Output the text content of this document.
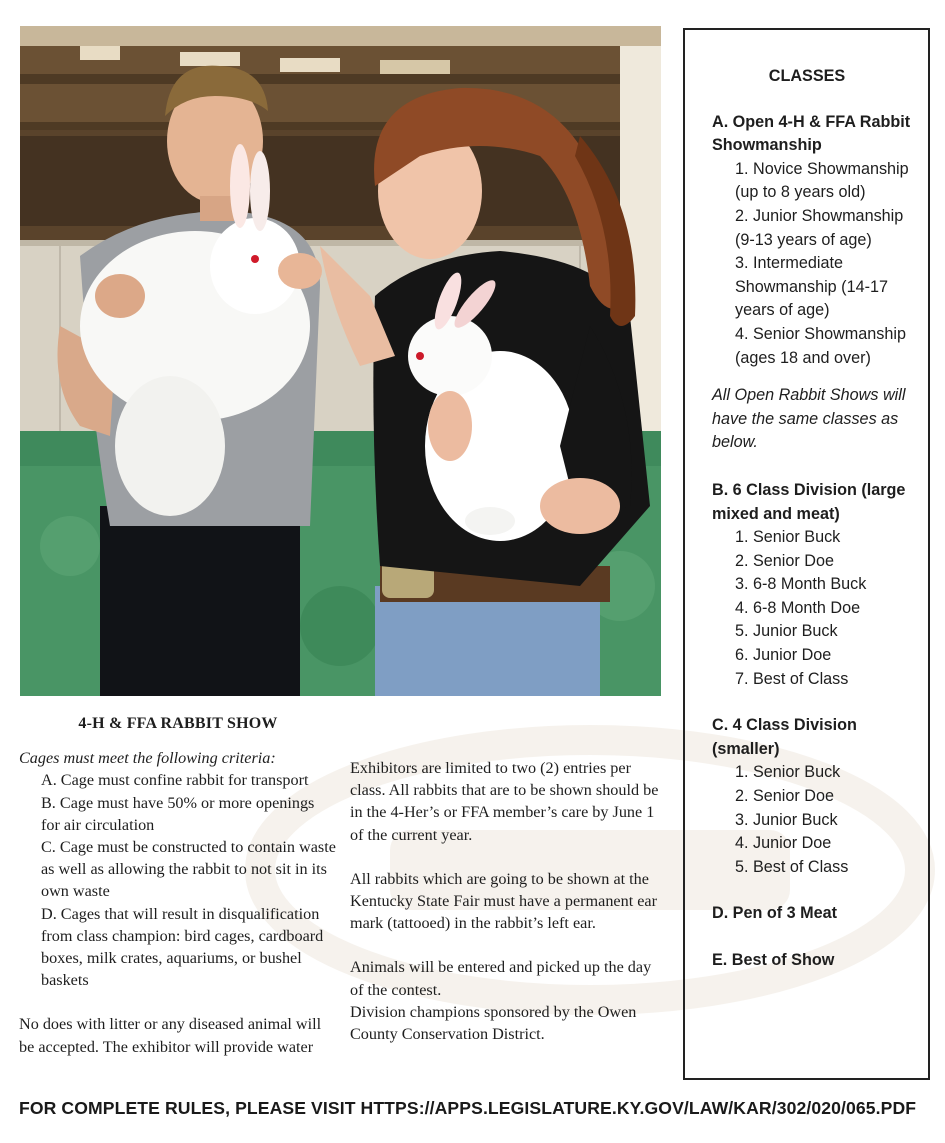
4-H & FFA RABBIT SHOW
Cages must meet the following criteria:
A. Cage must confine rabbit for transport
B. Cage must have 50% or more openings for air circulation
C. Cage must be constructed to contain waste as well as allowing the rabbit to not sit in its own waste
D. Cages that will result in disqualification from class champion: bird cages, cardboard boxes, milk crates, aquariums, or bushel baskets
No does with litter or any diseased animal will be accepted. The exhibitor will provide water
Exhibitors are limited to two (2) entries per class. All rabbits that are to be shown should be in the 4-Her’s or FFA member’s care by June 1 of the current year.
All rabbits which are going to be shown at the Kentucky State Fair must have a permanent ear mark (tattooed) in the rabbit’s left ear.
Animals will be entered and picked up the day of the contest.
Division champions sponsored by the Owen County Conservation District.
CLASSES
A. Open 4-H & FFA Rabbit Showmanship
1. Novice Showmanship (up to 8 years old)
2. Junior Showmanship (9-13 years of age)
3. Intermediate Showmanship (14-17 years of age)
4. Senior Showmanship (ages 18 and over)
All Open Rabbit Shows will have the same classes as below.
B. 6 Class Division (large mixed and meat)
1. Senior Buck
2. Senior Doe
3. 6-8 Month Buck
4. 6-8 Month Doe
5. Junior Buck
6. Junior Doe
7. Best of Class
C. 4 Class Division (smaller)
1. Senior Buck
2. Senior Doe
3. Junior Buck
4. Junior Doe
5. Best of Class
D. Pen of 3 Meat
E. Best of Show
FOR COMPLETE RULES, PLEASE VISIT HTTPS://APPS.LEGISLATURE.KY.GOV/LAW/KAR/302/020/065.PDF
